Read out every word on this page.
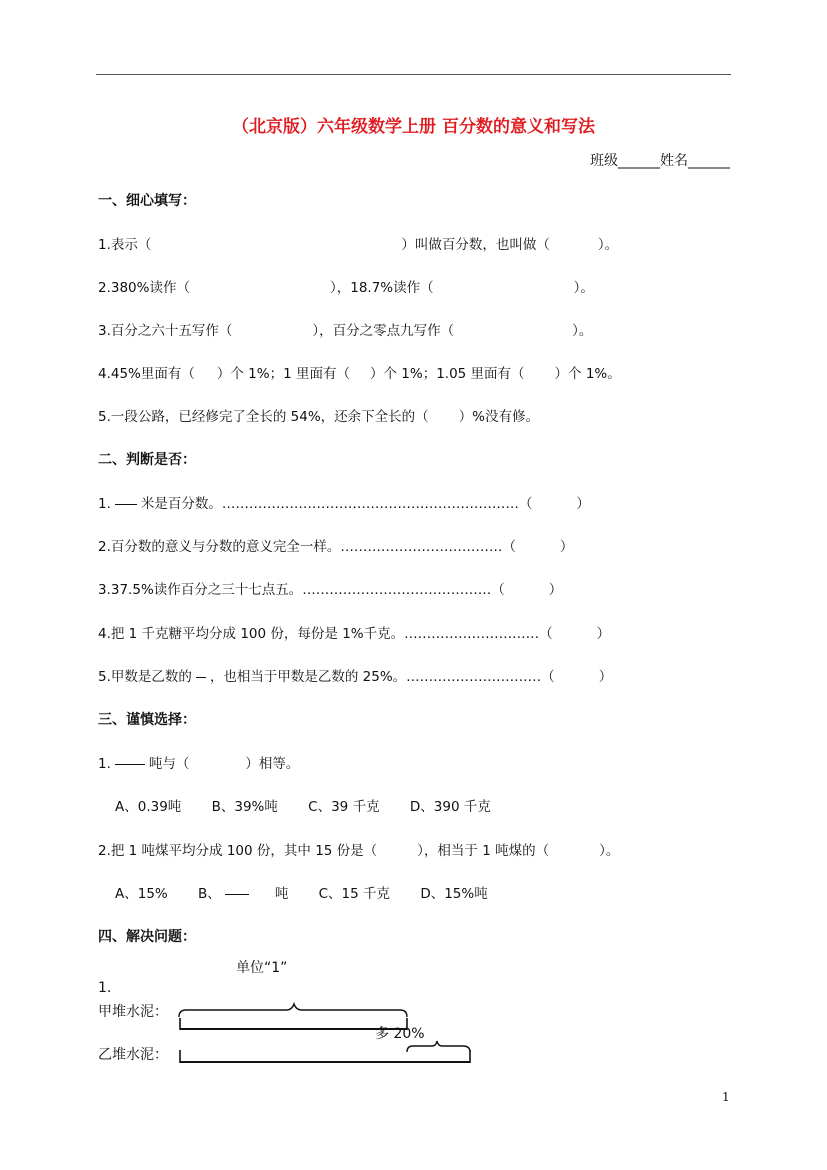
（北京版）六年级数学上册 百分数的意义和写法
班级______姓名______
一、细心填写：
1.表示（	）叫做百分数，也叫做（	）。
2.380%读作（	），18.7%读作（	）。
3.百分之六十五写作（	），百分之零点九写作（	）。
4.45%里面有（ ）个 1%；1 里面有（ ）个 1%；1.05 里面有（ ）个 1%。
5.一段公路，已经修完了全长的 54%，还余下全长的（ ）%没有修。
二、判断是否：
1. 米是百分数。…………………………………………………………（	）
2.百分数的意义与分数的意义完全一样。………………………………（	）
3.37.5%读作百分之三十七点五。……………………………………（	）
4.把 1 千克糖平均分成 100 份，每份是 1%千克。…………………………（	）
5.甲数是乙数的 ，也相当于甲数是乙数的 25%。…………………………（	）
三、谨慎选择：
1.	吨与（	）相等。
A、0.39吨 B、39%吨 C、39 千克 D、390 千克
2.把 1 吨煤平均分成 100 份，其中 15 份是（	），相当于 1 吨煤的（	）。
A、15% B、	吨 C、15 千克 D、15%吨
四、解决问题：
单位“1”
1.
甲堆水泥：
多 20%
乙堆水泥：
1
